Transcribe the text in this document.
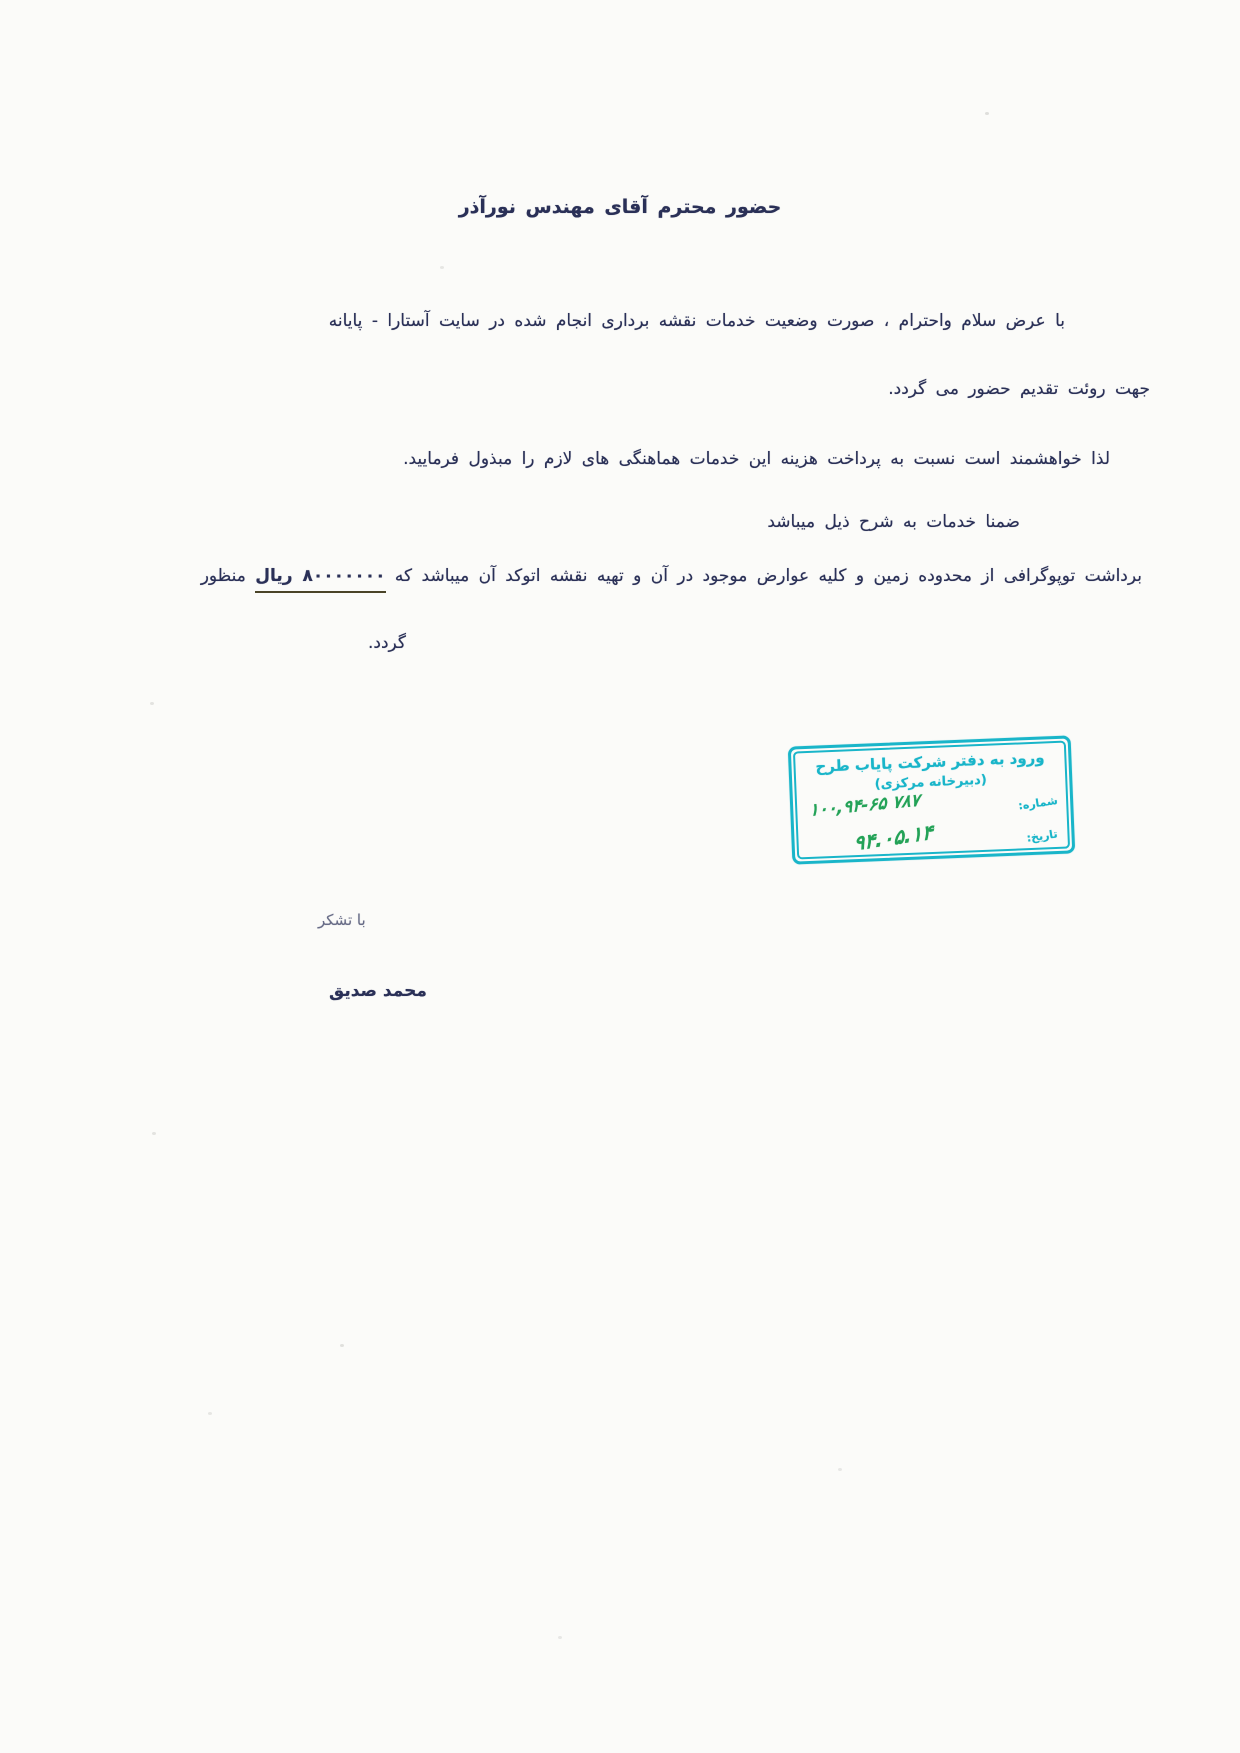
حضور محترم آقای مهندس نورآذر

با عرض سلام واحترام ، صورت وضعیت خدمات نقشه برداری انجام شده در سایت آستارا - پایانه

جهت روئت تقدیم حضور می گردد.

لذا خواهشمند است نسبت به پرداخت هزینه این خدمات هماهنگی های لازم را مبذول فرمایید.

ضمنا خدمات به شرح ذیل میباشد

برداشت توپوگرافی از محدوده زمین و کلیه عوارض موجود در آن و تهیه نقشه اتوکد آن میباشد که ۸۰۰۰۰۰۰۰ ریال منظور

گردد.

ورود به دفتر شرکت پایاب طرح
(دبیرخانه مرکزی)
شماره:
۱۰۰,۹۴-۶۵ ۷۸۷
تاریخ:
۹۴.۰۵.۱۴

با تشکر

محمد صدیق
